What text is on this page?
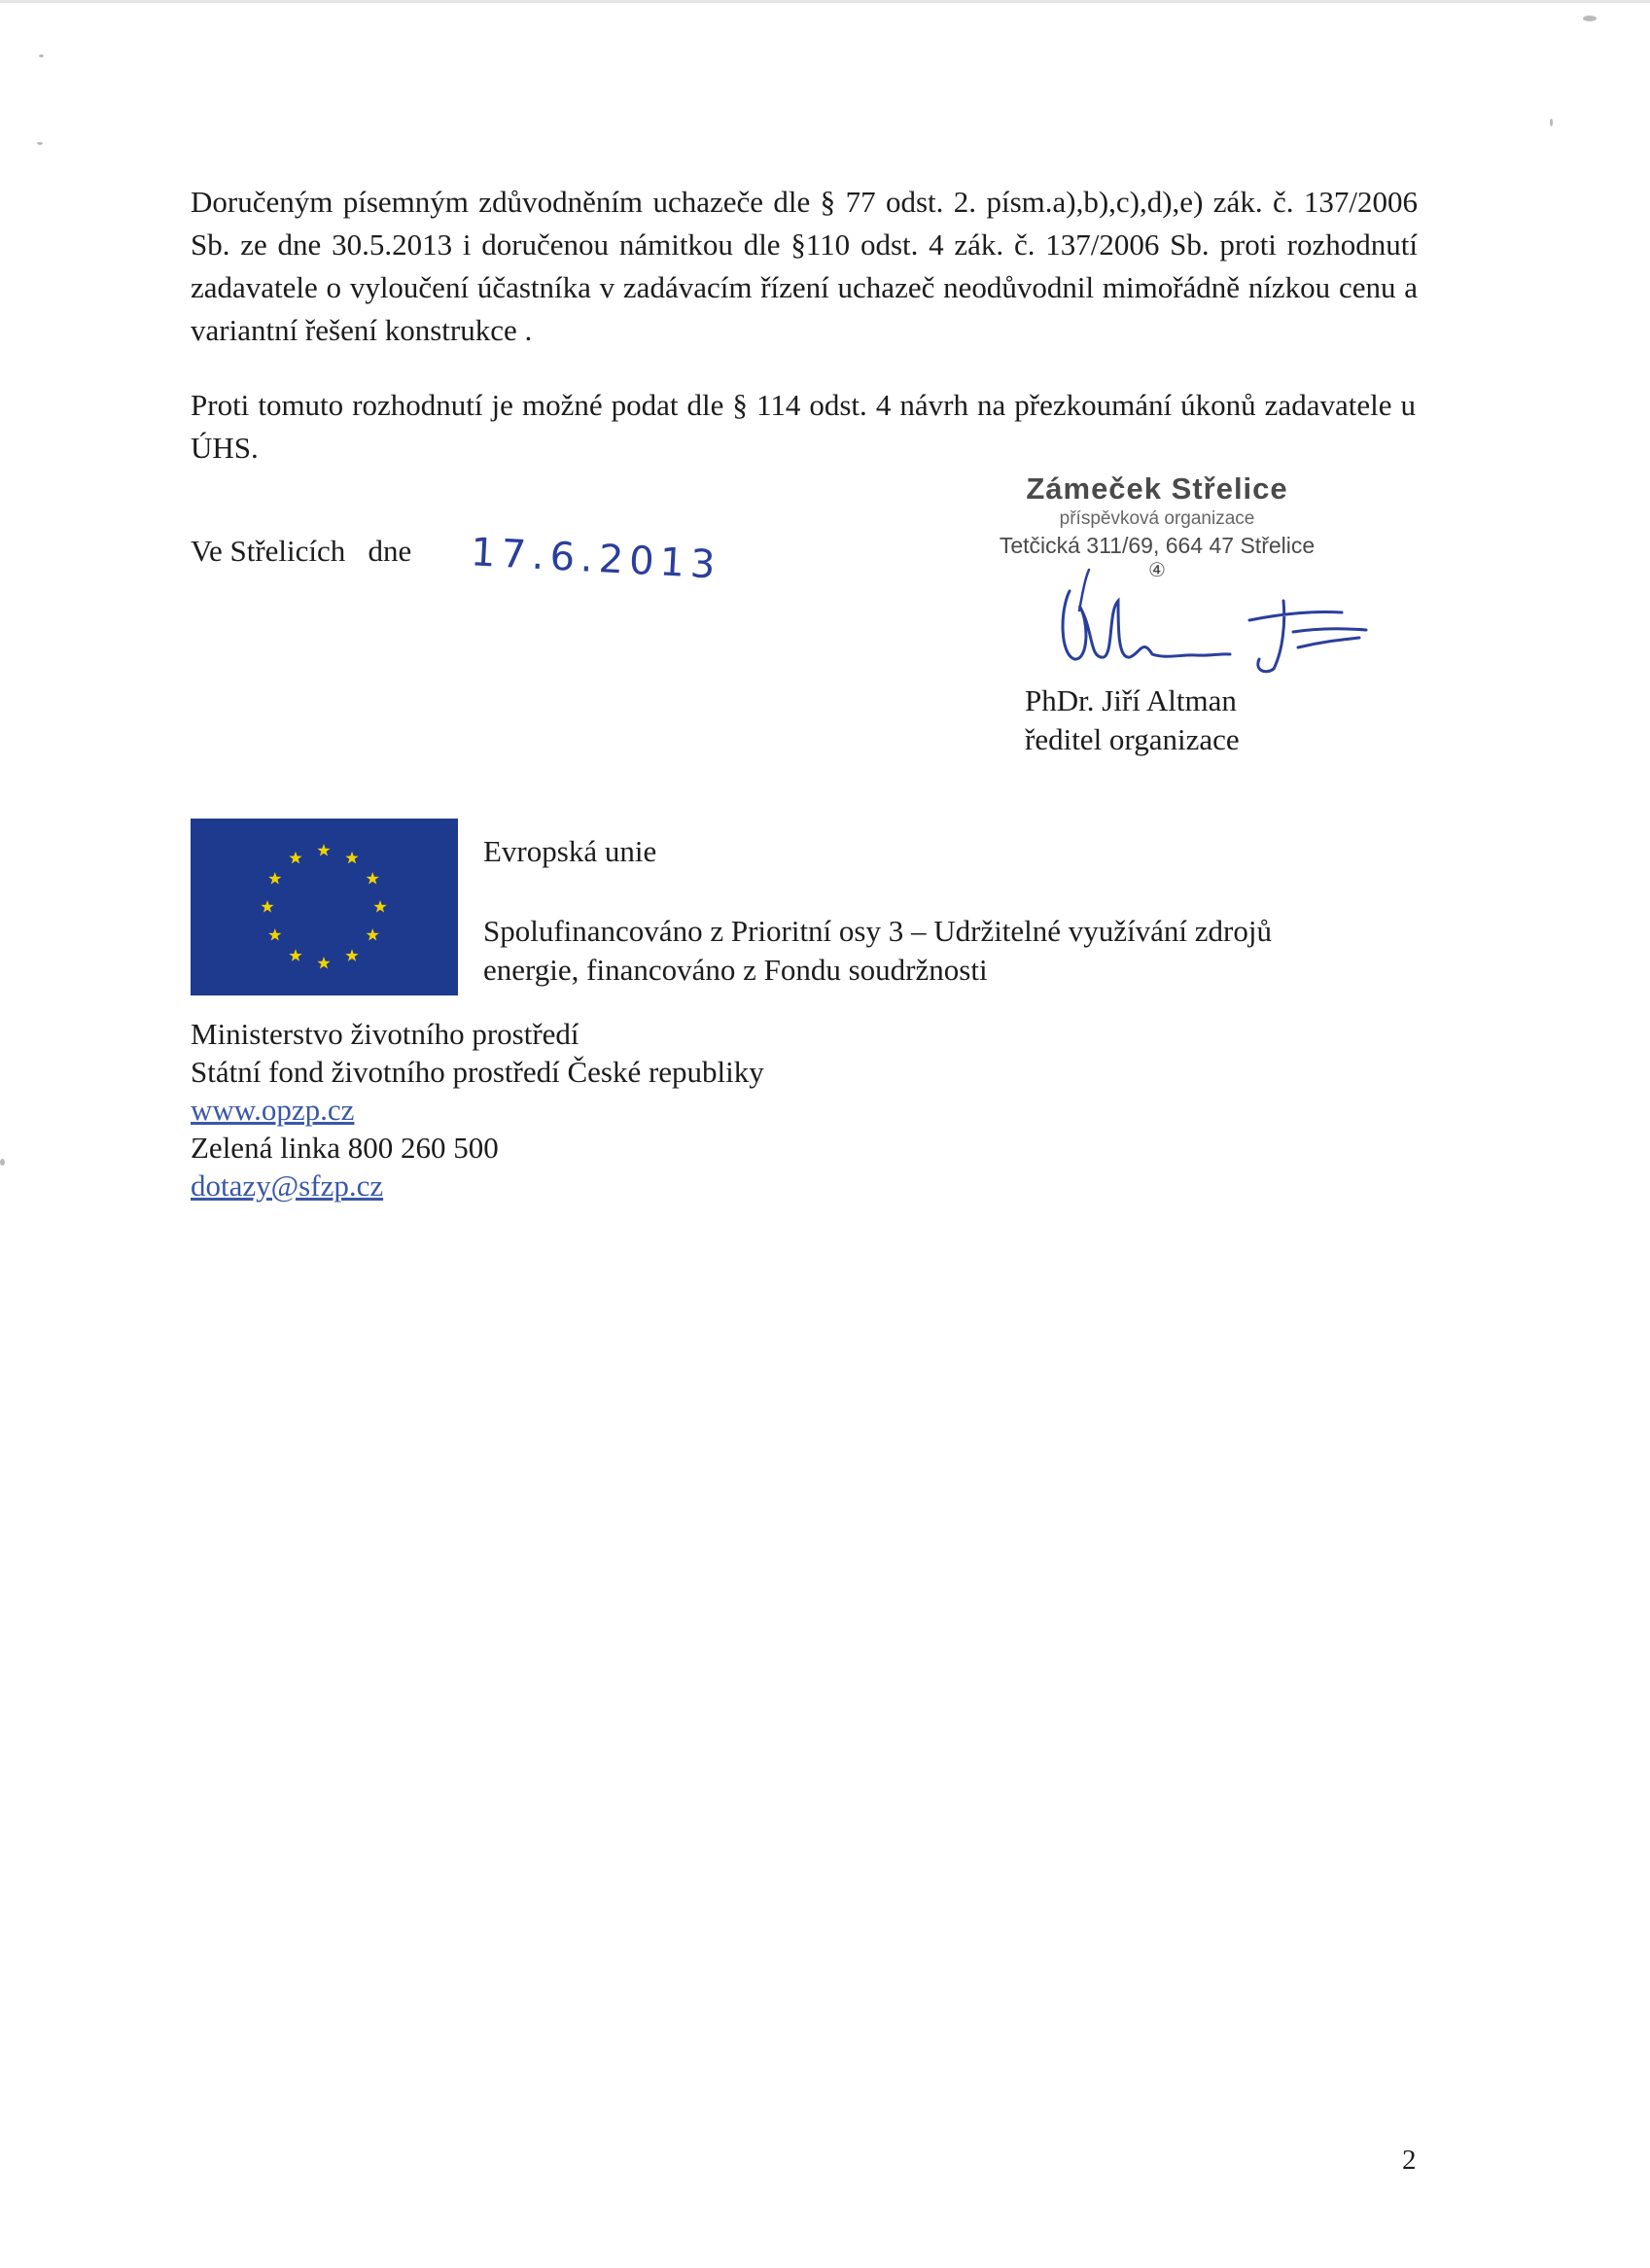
Doručeným písemným zdůvodněním uchazeče dle § 77 odst. 2. písm.a),b),c),d),e) zák. č. 137/2006 Sb. ze dne 30.5.2013 i doručenou námitkou dle §110 odst. 4 zák. č. 137/2006 Sb. proti rozhodnutí zadavatele o vyloučení účastníka v zadávacím řízení uchazeč neodůvodnil mimořádně nízkou cenu a variantní řešení konstrukce .

Proti tomuto rozhodnutí je možné podat dle § 114 odst. 4 návrh na přezkoumání úkonů zadavatele u ÚHS.

Ve Střelicích   dne 17.6.2013
Zámeček Střelice
příspěvková organizace
Tetčická 311/69, 664 47 Střelice
④
PhDr. Jiří Altman
ředitel organizace
Evropská unie
Spolufinancováno z Prioritní osy 3 – Udržitelné využívání zdrojů
energie, financováno z Fondu soudržnosti
Ministerstvo životního prostředí
Státní fond životního prostředí České republiky
www.opzp.cz
Zelená linka 800 260 500
dotazy@sfzp.cz
2
